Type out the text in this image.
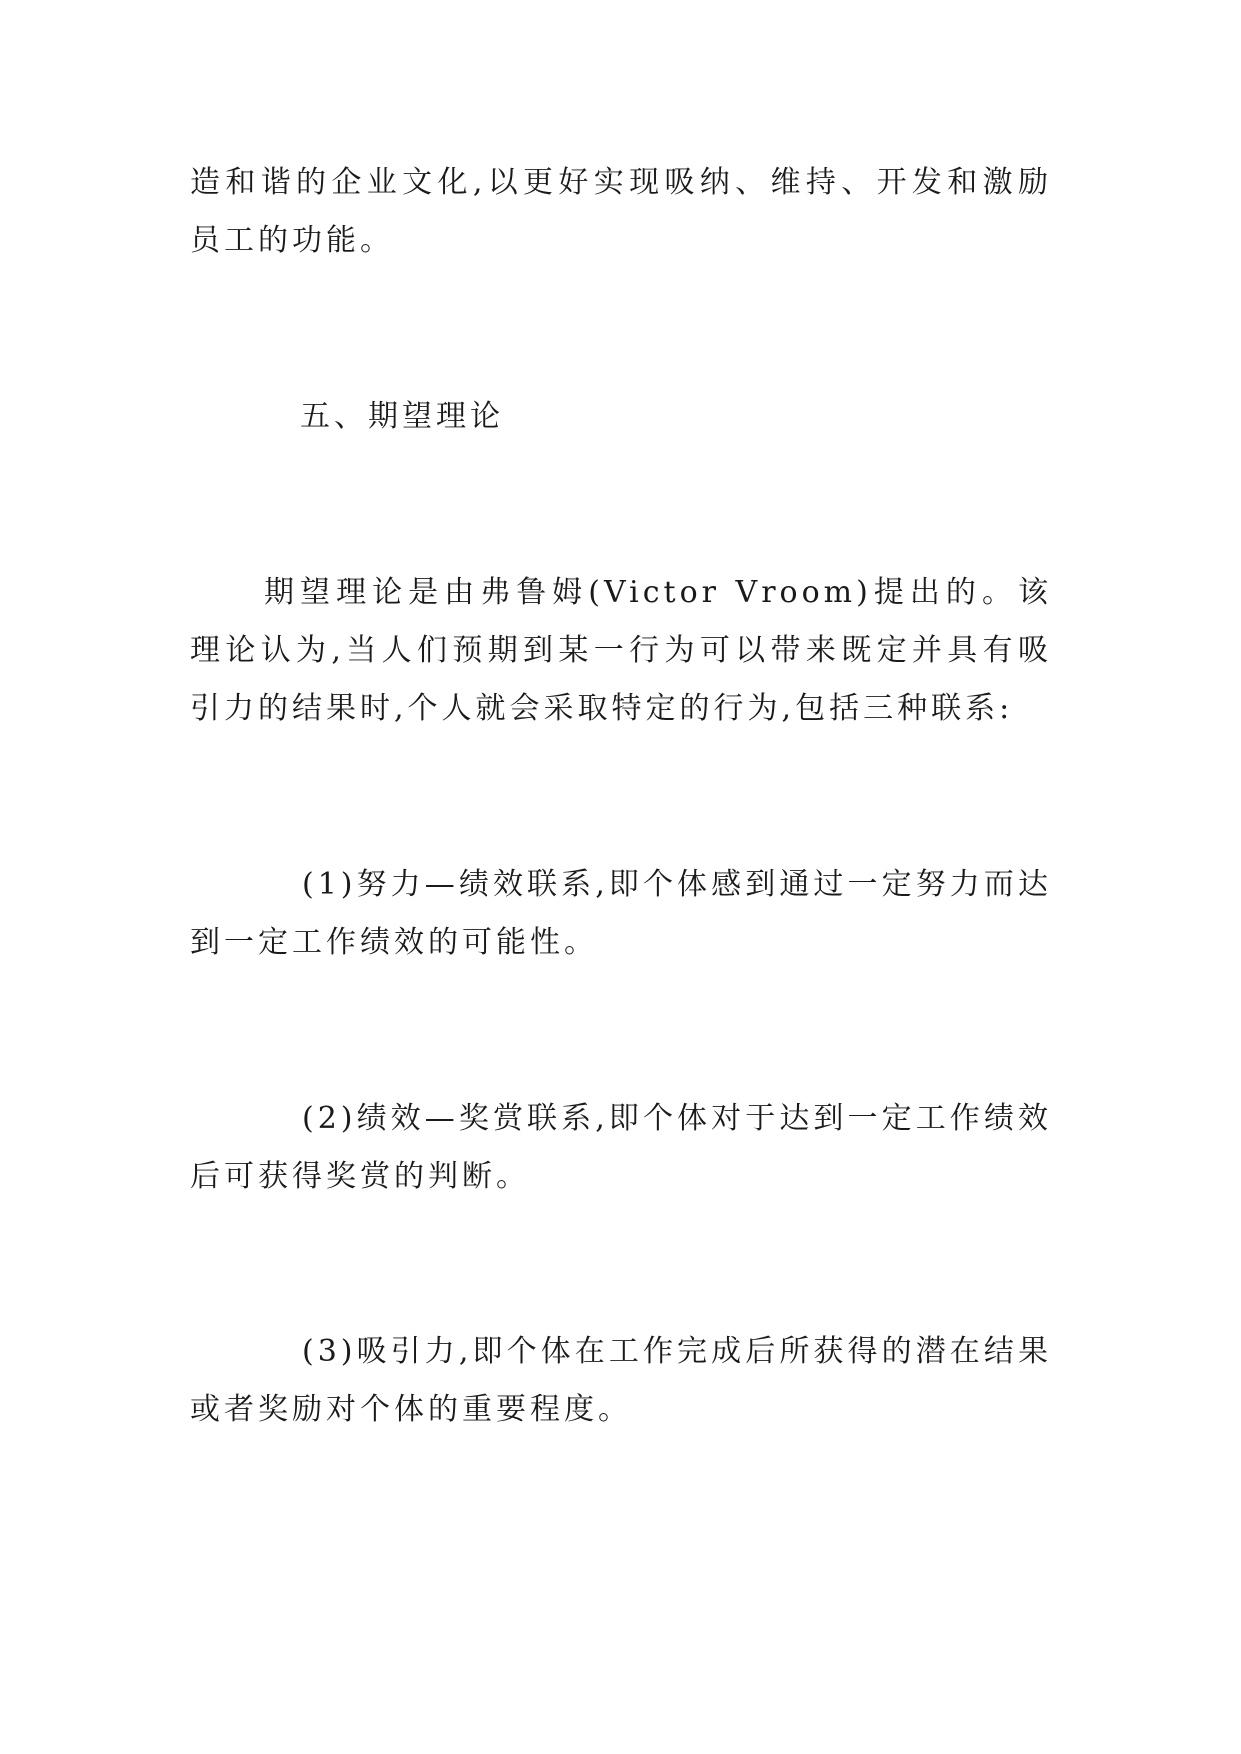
造和谐的企业文化,以更好实现吸纳、维持、开发和激励员工的功能。

五、期望理论

期望理论是由弗鲁姆(Victor Vroom)提出的。该理论认为,当人们预期到某一行为可以带来既定并具有吸引力的结果时,个人就会采取特定的行为,包括三种联系:

(1)努力—绩效联系,即个体感到通过一定努力而达到一定工作绩效的可能性。

(2)绩效—奖赏联系,即个体对于达到一定工作绩效后可获得奖赏的判断。

(3)吸引力,即个体在工作完成后所获得的潜在结果或者奖励对个体的重要程度。
